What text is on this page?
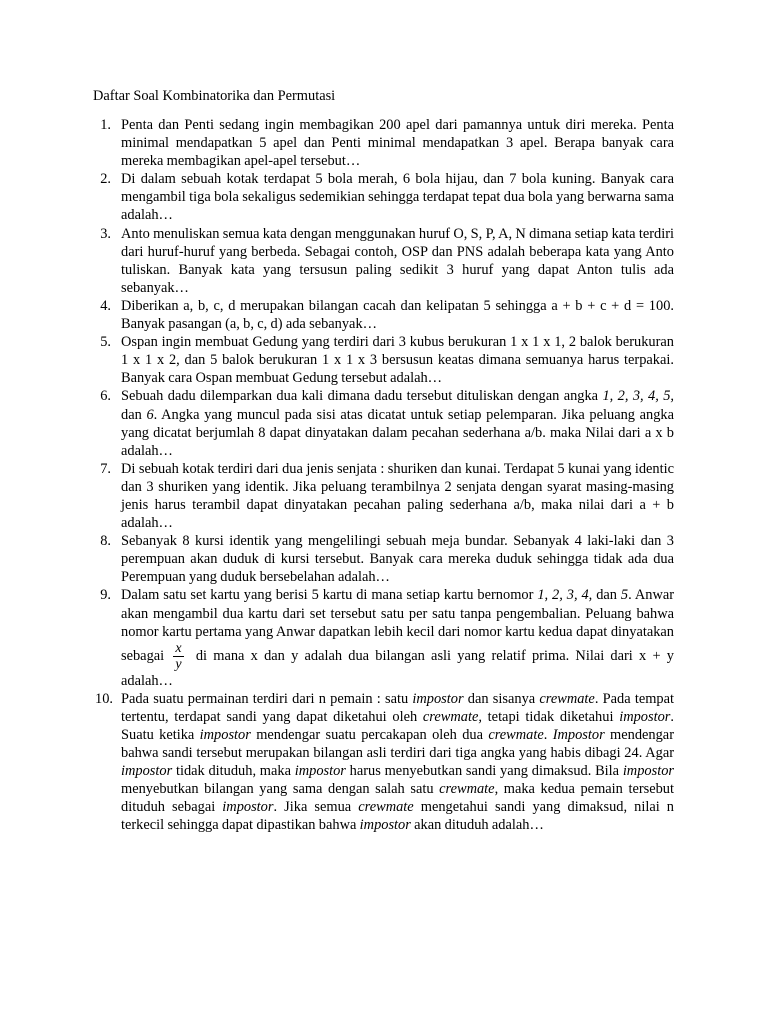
Daftar Soal Kombinatorika dan Permutasi
1. Penta dan Penti sedang ingin membagikan 200 apel dari pamannya untuk diri mereka. Penta minimal mendapatkan 5 apel dan Penti minimal mendapatkan 3 apel. Berapa banyak cara mereka membagikan apel-apel tersebut…
2. Di dalam sebuah kotak terdapat 5 bola merah, 6 bola hijau, dan 7 bola kuning. Banyak cara mengambil tiga bola sekaligus sedemikian sehingga terdapat tepat dua bola yang berwarna sama adalah…
3. Anto menuliskan semua kata dengan menggunakan huruf O, S, P, A, N dimana setiap kata terdiri dari huruf-huruf yang berbeda. Sebagai contoh, OSP dan PNS adalah beberapa kata yang Anto tuliskan. Banyak kata yang tersusun paling sedikit 3 huruf yang dapat Anton tulis ada sebanyak…
4. Diberikan a, b, c, d merupakan bilangan cacah dan kelipatan 5 sehingga a + b + c + d = 100. Banyak pasangan (a, b, c, d) ada sebanyak…
5. Ospan ingin membuat Gedung yang terdiri dari 3 kubus berukuran 1 x 1 x 1, 2 balok berukuran 1 x 1 x 2, dan 5 balok berukuran 1 x 1 x 3 bersusun keatas dimana semuanya harus terpakai. Banyak cara Ospan membuat Gedung tersebut adalah…
6. Sebuah dadu dilemparkan dua kali dimana dadu tersebut dituliskan dengan angka 1, 2, 3, 4, 5, dan 6. Angka yang muncul pada sisi atas dicatat untuk setiap pelemparan. Jika peluang angka yang dicatat berjumlah 8 dapat dinyatakan dalam pecahan sederhana a/b. maka Nilai dari a x b adalah…
7. Di sebuah kotak terdiri dari dua jenis senjata : shuriken dan kunai. Terdapat 5 kunai yang identic dan 3 shuriken yang identik. Jika peluang terambilnya 2 senjata dengan syarat masing-masing jenis harus terambil dapat dinyatakan pecahan paling sederhana a/b, maka nilai dari a + b adalah…
8. Sebanyak 8 kursi identik yang mengelilingi sebuah meja bundar. Sebanyak 4 laki-laki dan 3 perempuan akan duduk di kursi tersebut. Banyak cara mereka duduk sehingga tidak ada dua Perempuan yang duduk bersebelahan adalah…
9. Dalam satu set kartu yang berisi 5 kartu di mana setiap kartu bernomor 1, 2, 3, 4, dan 5. Anwar akan mengambil dua kartu dari set tersebut satu per satu tanpa pengembalian. Peluang bahwa nomor kartu pertama yang Anwar dapatkan lebih kecil dari nomor kartu kedua dapat dinyatakan sebagai $\frac{x}{y}$ di mana x dan y adalah dua bilangan asli yang relatif prima. Nilai dari x + y adalah…
10. Pada suatu permainan terdiri dari n pemain : satu impostor dan sisanya crewmate. Pada tempat tertentu, terdapat sandi yang dapat diketahui oleh crewmate, tetapi tidak diketahui impostor. Suatu ketika impostor mendengar suatu percakapan oleh dua crewmate. Impostor mendengar bahwa sandi tersebut merupakan bilangan asli terdiri dari tiga angka yang habis dibagi 24. Agar impostor tidak dituduh, maka impostor harus menyebutkan sandi yang dimaksud. Bila impostor menyebutkan bilangan yang sama dengan salah satu crewmate, maka kedua pemain tersebut dituduh sebagai impostor. Jika semua crewmate mengetahui sandi yang dimaksud, nilai n terkecil sehingga dapat dipastikan bahwa impostor akan dituduh adalah…
